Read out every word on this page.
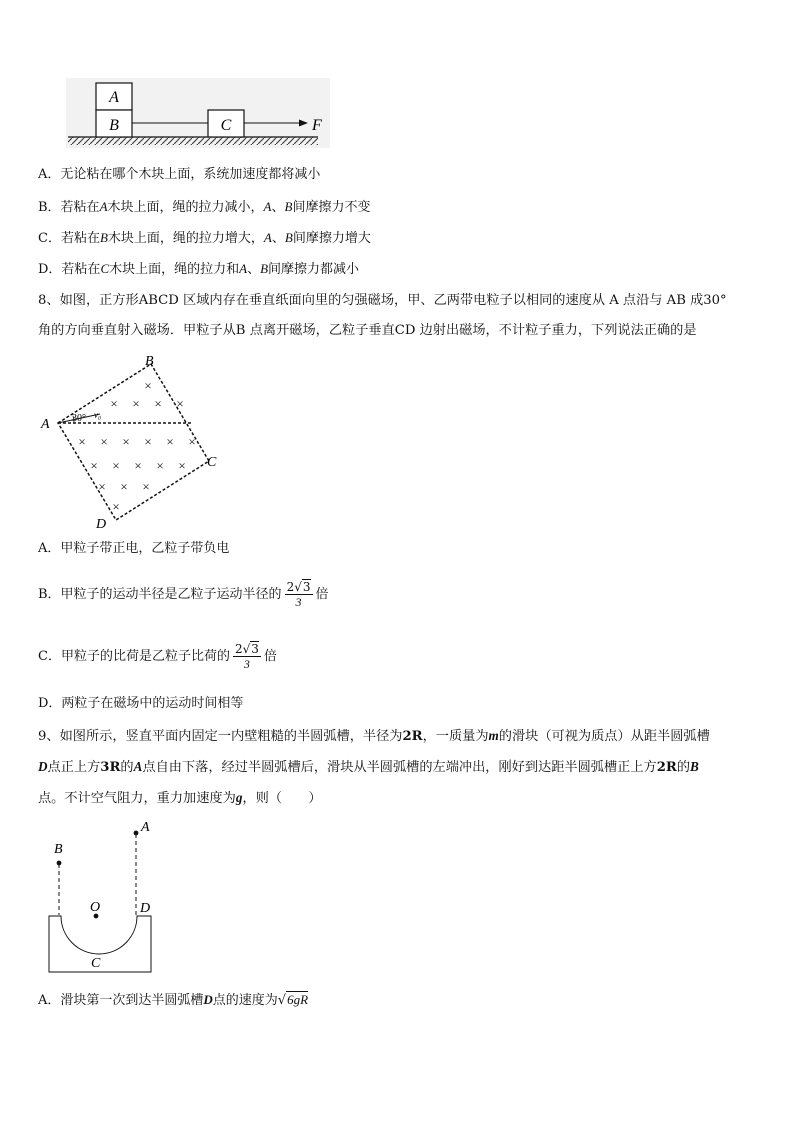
A
B	C	F
A．无论粘在哪个木块上面，系统加速度都将减小
B．若粘在A木块上面，绳的拉力减小，A、B间摩擦力不变
C．若粘在B木块上面，绳的拉力增大，A、B间摩擦力增大
D．若粘在C木块上面，绳的拉力和A、B间摩擦力都减小
8、如图，正方形ABCD 区域内存在垂直纸面向里的匀强磁场，甲、乙两带电粒子以相同的速度从 A 点沿与 AB 成30°
角的方向垂直射入磁场．甲粒子从B 点离开磁场，乙粒子垂直CD 边射出磁场，不计粒子重力，下列说法正确的是
×
× × × ×
× × × × × ×
× × × × ×
× × ×
×
A
B
C
D
30° v₀
A．甲粒子带正电，乙粒子带负电
B．甲粒子的运动半径是乙粒子运动半径的 $\frac{2√3}{3}$ 倍
C．甲粒子的比荷是乙粒子比荷的 $\frac{2√3}{3}$ 倍
D．两粒子在磁场中的运动时间相等
9、如图所示，竖直平面内固定一内壁粗糙的半圆弧槽，半径为2R，一质量为m的滑块（可视为质点）从距半圆弧槽
D点正上方3R的A点自由下落，经过半圆弧槽后，滑块从半圆弧槽的左端冲出，刚好到达距半圆弧槽正上方2R的B
点。不计空气阻力，重力加速度为g，则（　　）
B
A
O	D
C
A．滑块第一次到达半圆弧槽D点的速度为√6gR
